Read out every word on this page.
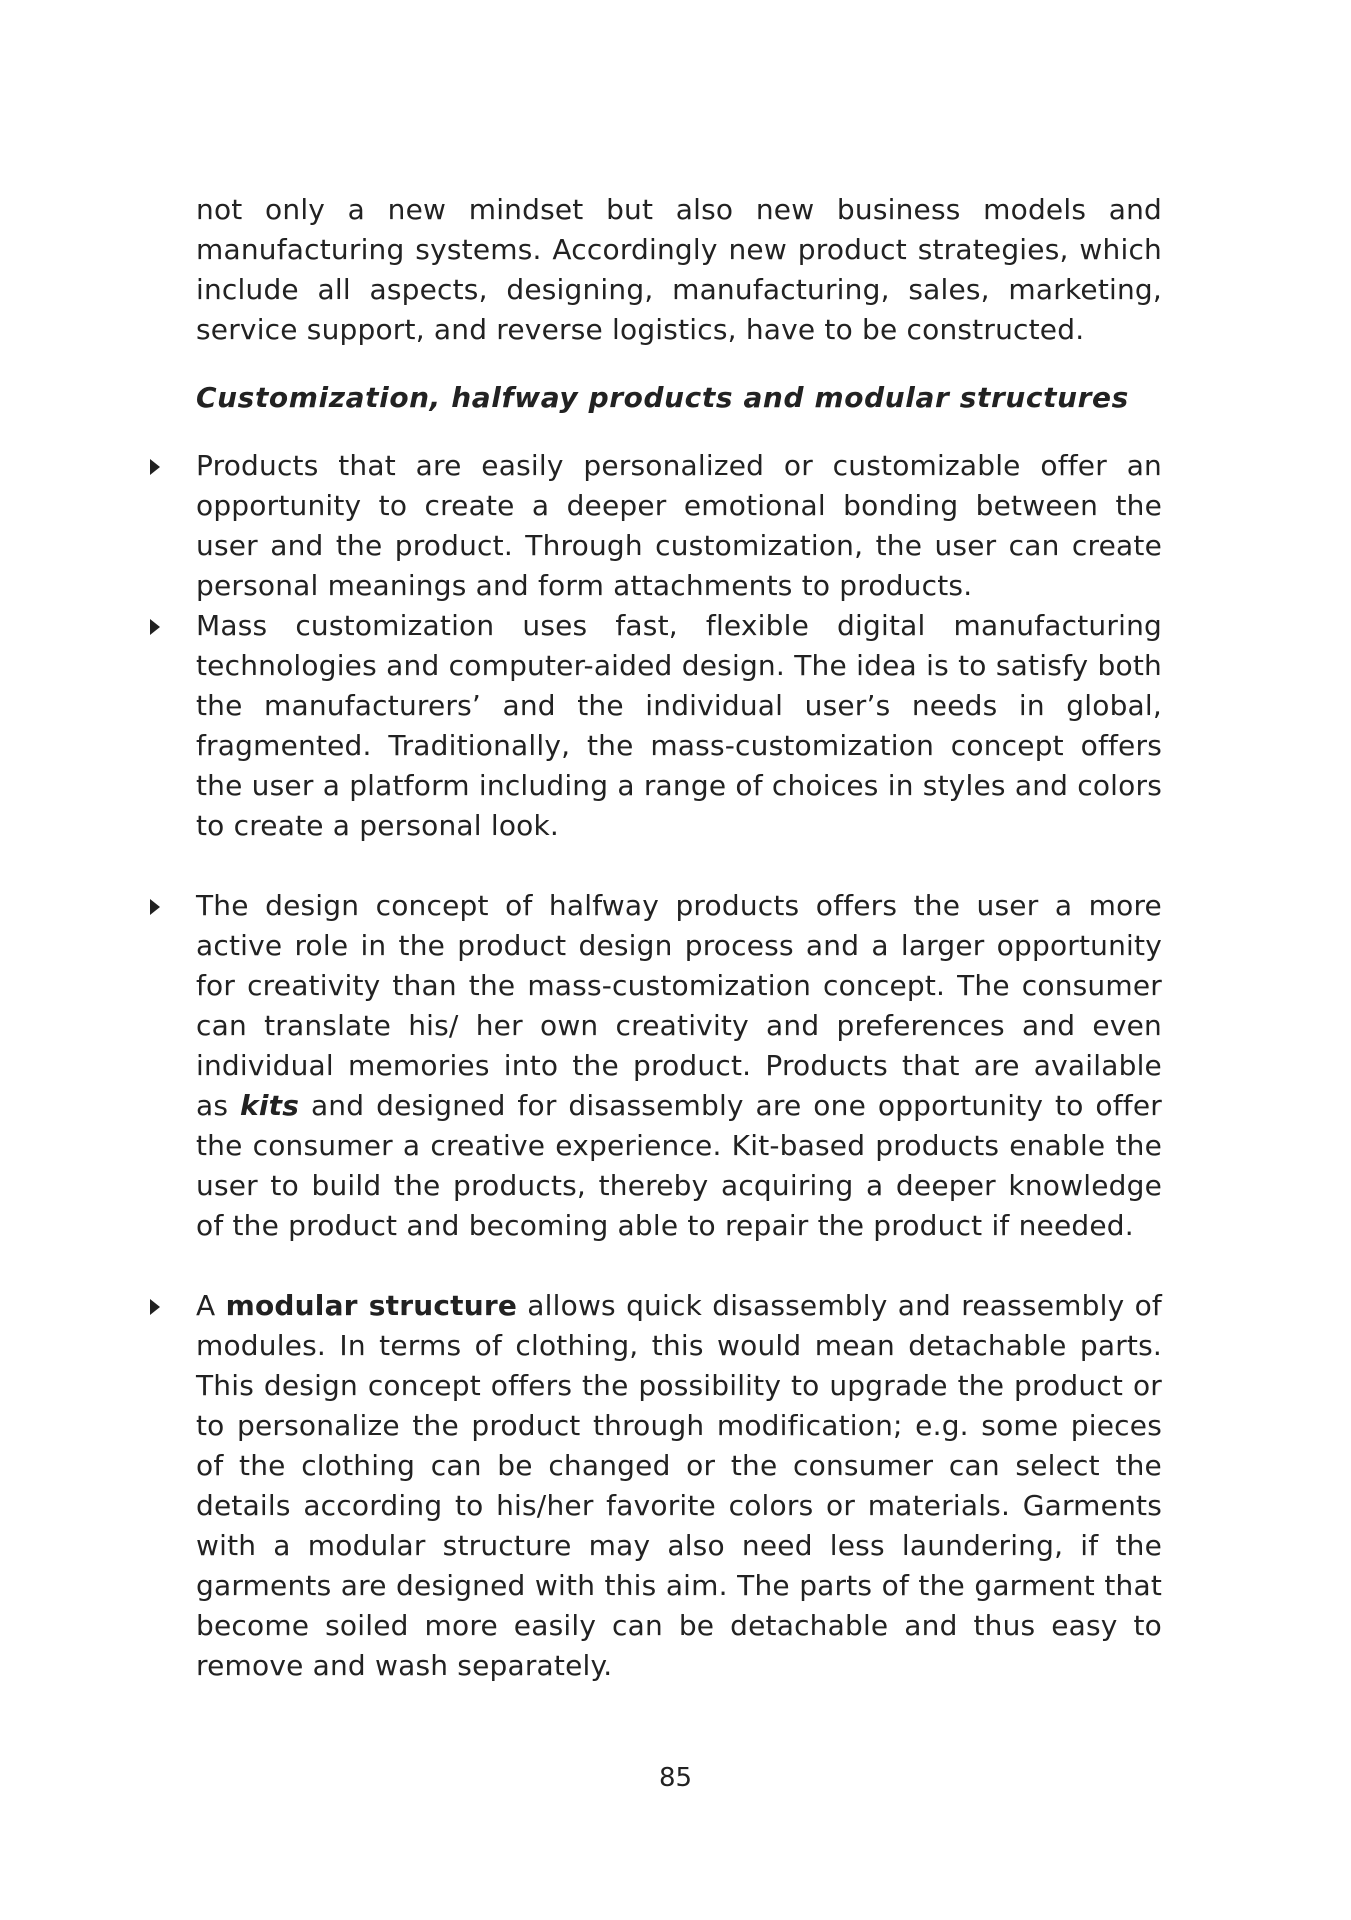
not only a new mindset but also new business models and manufacturing systems. Accordingly new product strategies, which include all aspects, designing, manufacturing, sales, marketing, service support, and reverse logistics, have to be constructed.

Customization, halfway products and modular structures
Products that are easily personalized or customizable offer an opportunity to create a deeper emotional bonding between the user and the product. Through customization, the user can create personal meanings and form attachments to products.
Mass customization uses fast, flexible digital manufacturing technologies and computer-aided design. The idea is to satisfy both the manufacturers’ and the individual user’s needs in global, fragmented. Traditionally, the mass-customization concept offers the user a platform including a range of choices in styles and colors to create a personal look.
The design concept of halfway products offers the user a more active role in the product design process and a larger opportunity for creativity than the mass-customization concept. The consumer can translate his/ her own creativity and preferences and even individual memories into the product. Products that are available as kits and designed for disassembly are one opportunity to offer the consumer a creative experience. Kit-based products enable the user to build the products, thereby acquiring a deeper knowledge of the product and becoming able to repair the product if needed.
A modular structure allows quick disassembly and reassembly of modules. In terms of clothing, this would mean detachable parts. This design concept offers the possibility to upgrade the product or to personalize the product through modification; e.g. some pieces of the clothing can be changed or the consumer can select the details according to his/her favorite colors or materials. Garments with a modular structure may also need less laundering, if the garments are designed with this aim. The parts of the garment that become soiled more easily can be detachable and thus easy to remove and wash separately.
85
